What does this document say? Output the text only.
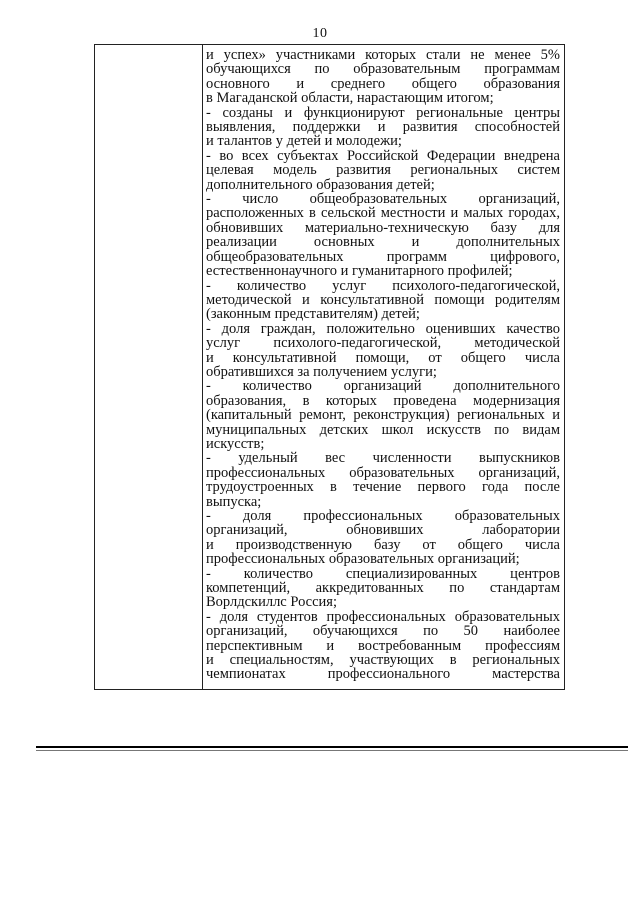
10
и успех» участниками которых стали не менее 5%
обучающихся по образовательным программам
основного и среднего общего образования
в Магаданской области, нарастающим итогом;
- созданы и функционируют региональные центры
выявления, поддержки и развития способностей
и талантов у детей и молодежи;
- во всех субъектах Российской Федерации внедрена
целевая модель развития региональных систем
дополнительного образования детей;
- число общеобразовательных организаций,
расположенных в сельской местности и малых городах,
обновивших материально-техническую базу для
реализации основных и дополнительных
общеобразовательных программ цифрового,
естественнонаучного и гуманитарного профилей;
- количество услуг психолого-педагогической,
методической и консультативной помощи родителям
(законным представителям) детей;
- доля граждан, положительно оценивших качество
услуг психолого-педагогической, методической
и консультативной помощи, от общего числа
обратившихся за получением услуги;
- количество организаций дополнительного
образования, в которых проведена модернизация
(капитальный ремонт, реконструкция) региональных и
муниципальных детских школ искусств по видам
искусств;
- удельный вес численности выпускников
профессиональных образовательных организаций,
трудоустроенных в течение первого года после
выпуска;
- доля профессиональных образовательных
организаций, обновивших лаборатории
и производственную базу от общего числа
профессиональных образовательных организаций;
- количество специализированных центров
компетенций, аккредитованных по стандартам
Ворлдскиллс Россия;
- доля студентов профессиональных образовательных
организаций, обучающихся по 50 наиболее
перспективным и востребованным профессиям
и специальностям, участвующих в региональных
чемпионатах профессионального мастерства
